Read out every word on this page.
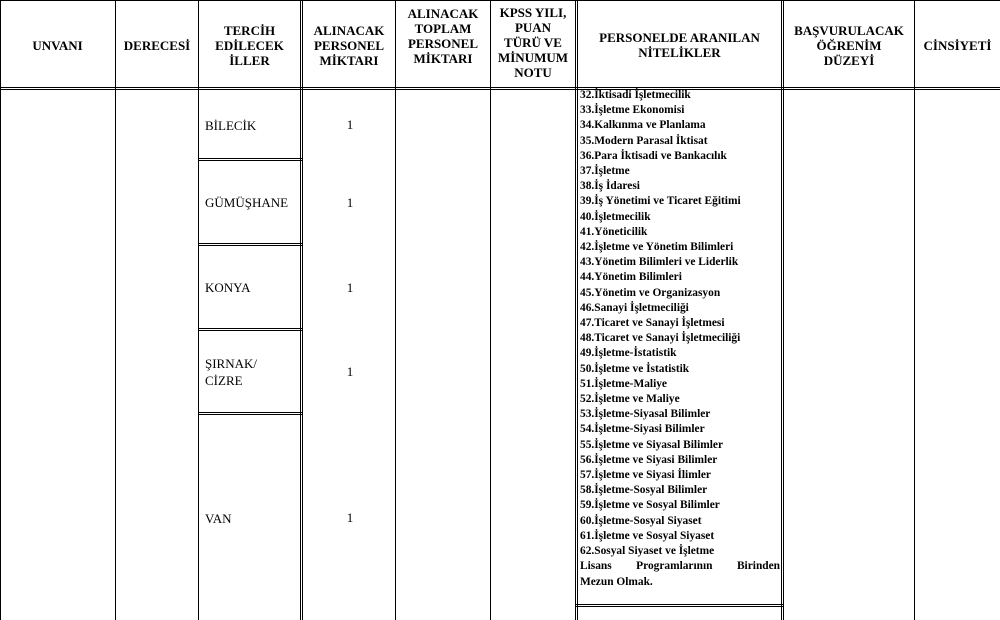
UNVANI	DERECESİ
TERCİH
EDİLECEK
İLLER
ALINACAK
PERSONEL
MİKTARI
ALINACAK
TOPLAM
PERSONEL
MİKTARI
KPSS YILI,
PUAN
TÜRÜ VE
MİNUMUM
NOTU
PERSONELDE ARANILAN
NİTELİKLER
BAŞVURULACAK
ÖĞRENİM
DÜZEYİ
CİNSİYETİ
BİLECİK
GÜMÜŞHANE
KONYA
ŞIRNAK/
CİZRE
VAN
1
1
1
1
1
32.İktisadi İşletmecilik
33.İşletme Ekonomisi
34.Kalkınma ve Planlama
35.Modern Parasal İktisat
36.Para İktisadi ve Bankacılık
37.İşletme
38.İş İdaresi
39.İş Yönetimi ve Ticaret Eğitimi
40.İşletmecilik
41.Yöneticilik
42.İşletme ve Yönetim Bilimleri
43.Yönetim Bilimleri ve Liderlik
44.Yönetim Bilimleri
45.Yönetim ve Organizasyon
46.Sanayi İşletmeciliği
47.Ticaret ve Sanayi İşletmesi
48.Ticaret ve Sanayi İşletmeciliği
49.İşletme-İstatistik
50.İşletme ve İstatistik
51.İşletme-Maliye
52.İşletme ve Maliye
53.İşletme-Siyasal Bilimler
54.İşletme-Siyasi Bilimler
55.İşletme ve Siyasal Bilimler
56.İşletme ve Siyasi Bilimler
57.İşletme ve Siyasi İlimler
58.İşletme-Sosyal Bilimler
59.İşletme ve Sosyal Bilimler
60.İşletme-Sosyal Siyaset
61.İşletme ve Sosyal Siyaset
62.Sosyal Siyaset ve İşletme
Lisans Programlarının Birinden
Mezun Olmak.
